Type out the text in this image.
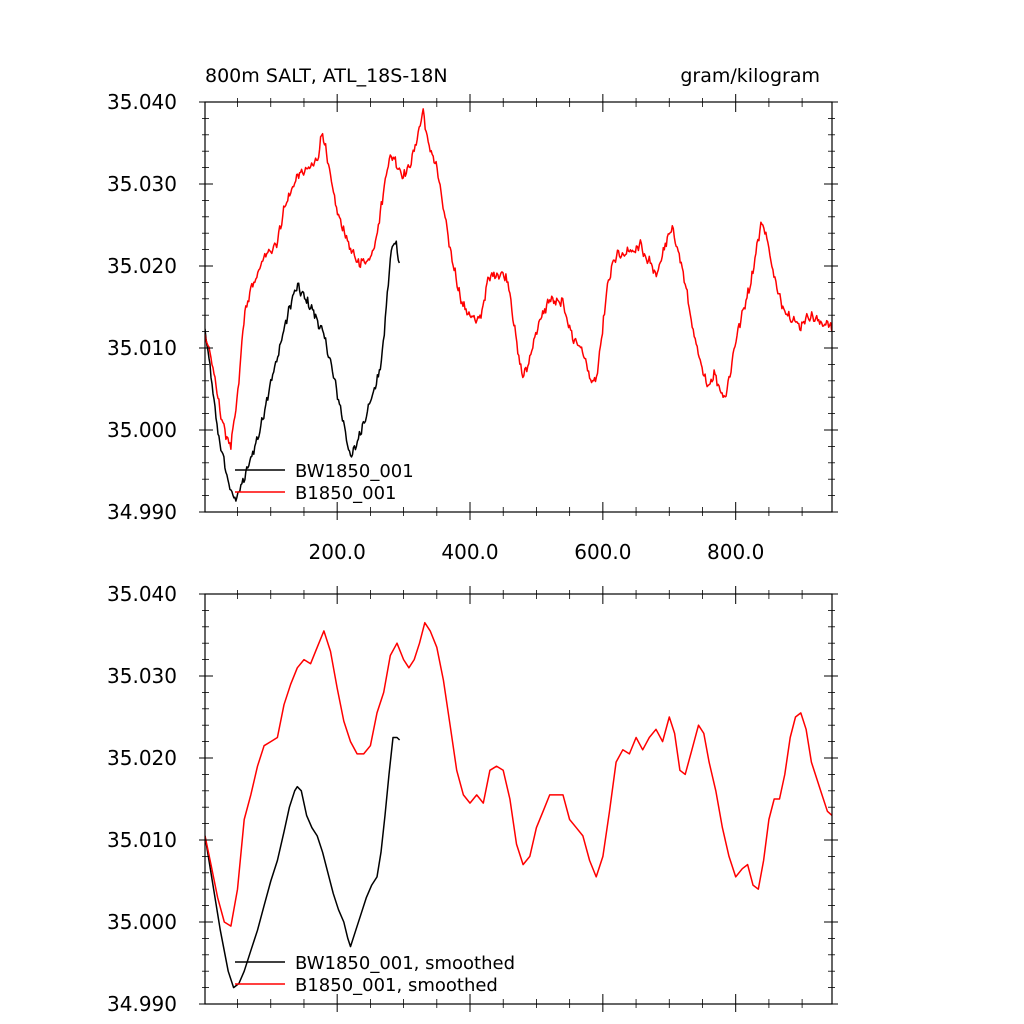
34.990
35.000
35.010
35.020
35.030
35.040
200.0	400.0	600.0	800.0
800m SALT, ATL_18S-18N	gram/kilogram
BW1850_001
B1850_001
34.990
35.000
35.010
35.020
35.030
35.040
BW1850_001, smoothed
B1850_001, smoothed
